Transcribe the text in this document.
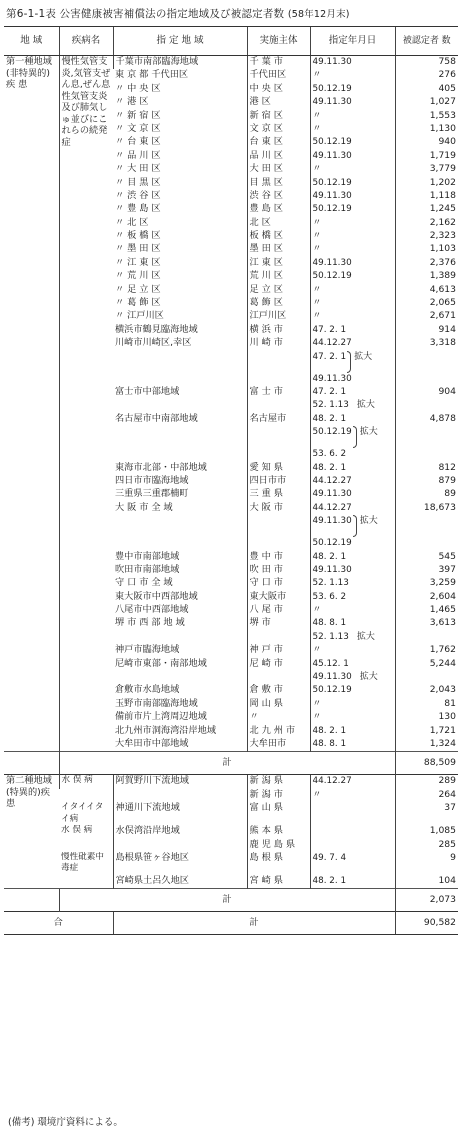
第6-1-1表 公害健康被害補償法の指定地域及び被認定者数 (58年12月末)
地 域	疾病名	指 定 地 域	実施主体	指定年月日	被認定者 数
第一種地域(非特異的)疾 患	慢性気管支炎,気管支ぜん息,ぜん息性気管支炎及び肺気しゅ並びにこれらの続発症	千葉市南部臨海地域	千 葉 市	49.11.30	758
		東 京 都 千代田区	千代田区	〃	276
		〃 中 央 区	中 央 区	50.12.19	405
		〃 港 区	港 区	49.11.30	1,027
		〃 新 宿 区	新 宿 区	〃	1,553
		〃 文 京 区	文 京 区	〃	1,130
		〃 台 東 区	台 東 区	50.12.19	940
		〃 品 川 区	品 川 区	49.11.30	1,719
		〃 大 田 区	大 田 区	〃	3,779
		〃 目 黒 区	目 黒 区	50.12.19	1,202
		〃 渋 谷 区	渋 谷 区	49.11.30	1,118
		〃 豊 島 区	豊 島 区	50.12.19	1,245
		〃 北 区	北 区	〃	2,162
		〃 板 橋 区	板 橋 区	〃	2,323
		〃 墨 田 区	墨 田 区	〃	1,103
		〃 江 東 区	江 東 区	49.11.30	2,376
		〃 荒 川 区	荒 川 区	50.12.19	1,389
		〃 足 立 区	足 立 区	〃	4,613
		〃 葛 飾 区	葛 飾 区	〃	2,065
		〃 江戸川区	江戸川区	〃	2,671
		横浜市鶴見臨海地域	横 浜 市	47. 2. 1	914
		川崎市川崎区,幸区	川 崎 市	44.12.27	3,318
				47. 2. 1 拡大	
				49.11.30	
		富士市中部地域	富 士 市	47. 2. 1	904
				52. 1.13 拡大	
		名古屋市中南部地域	名古屋市	48. 2. 1	4,878
				50.12.19 拡大	
				53. 6. 2	
		東海市北部・中部地域	愛 知 県	48. 2. 1	812
		四日市市臨海地域	四日市市	44.12.27	879
		三重県三重郡楠町	三 重 県	49.11.30	89
		大 阪 市 全 域	大 阪 市	44.12.27	18,673
				49.11.30 拡大	
				50.12.19	
		豊中市南部地域	豊 中 市	48. 2. 1	545
		吹田市南部地域	吹 田 市	49.11.30	397
		守 口 市 全 域	守 口 市	52. 1.13	3,259
		東大阪市中西部地域	東大阪市	53. 6. 2	2,604
		八尾市中西部地域	八 尾 市	〃	1,465
		堺 市 西 部 地 域	堺 市	48. 8. 1	3,613
				52. 1.13 拡大	
		神戸市臨海地域	神 戸 市	〃	1,762
		尼崎市東部・南部地域	尼 崎 市	45.12. 1	5,244
				49.11.30 拡大	
		倉敷市水島地域	倉 敷 市	50.12.19	2,043
		玉野市南部臨海地域	岡 山 県	〃	81
		備前市片上湾周辺地域	〃	〃	130
		北九州市洞海湾沿岸地域	北 九 州 市	48. 2. 1	1,721
		大牟田市中部地域	大牟田市	48. 8. 1	1,324
	計				88,509
第二種地域(特異的)疾 患	水 俣 病	阿賀野川下流地域	新 潟 県	44.12.27	289
			新 潟 市	〃	264
	イタイイタイ病	神通川下流地域	富 山 県		37
	水 俣 病	水俣湾沿岸地域	熊 本 県		1,085
			鹿 児 島 県		285
	慢性砒素中毒症	島根県笹ヶ谷地区	島 根 県	49. 7. 4	9
		宮崎県土呂久地区	宮 崎 県	48. 2. 1	104
	計				2,073
合		計			90,582
(備考) 環境庁資料による。
